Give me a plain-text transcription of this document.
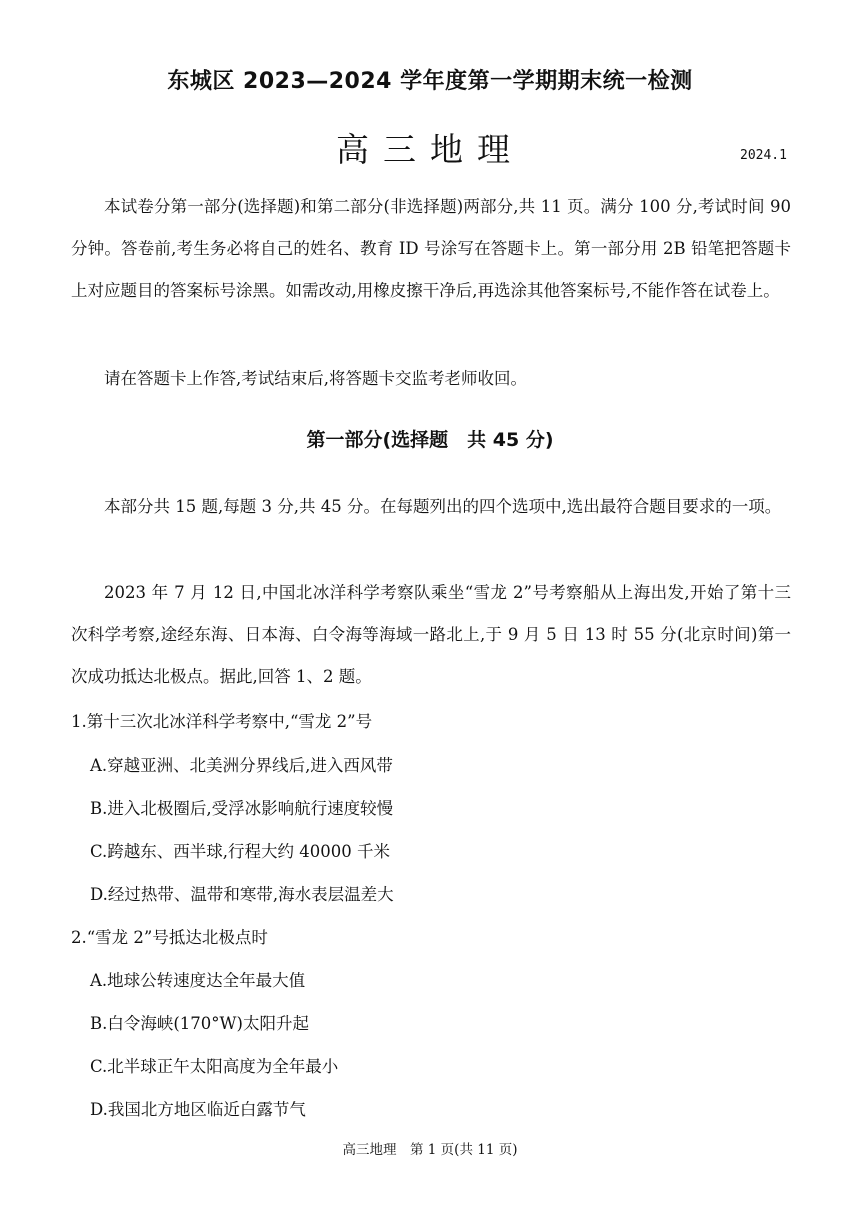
东城区 2023—2024 学年度第一学期期末统一检测
高三地理	2024.1

本试卷分第一部分(选择题)和第二部分(非选择题)两部分,共 11 页。满分 100 分,考试时间 90 分钟。答卷前,考生务必将自己的姓名、教育 ID 号涂写在答题卡上。第一部分用 2B 铅笔把答题卡上对应题目的答案标号涂黑。如需改动,用橡皮擦干净后,再选涂其他答案标号,不能作答在试卷上。

请在答题卡上作答,考试结束后,将答题卡交监考老师收回。

第一部分(选择题　共 45 分)

本部分共 15 题,每题 3 分,共 45 分。在每题列出的四个选项中,选出最符合题目要求的一项。

2023 年 7 月 12 日,中国北冰洋科学考察队乘坐“雪龙 2”号考察船从上海出发,开始了第十三次科学考察,途经东海、日本海、白令海等海域一路北上,于 9 月 5 日 13 时 55 分(北京时间)第一次成功抵达北极点。据此,回答 1、2 题。

1.第十三次北冰洋科学考察中,“雪龙 2”号
A.穿越亚洲、北美洲分界线后,进入西风带
B.进入北极圈后,受浮冰影响航行速度较慢
C.跨越东、西半球,行程大约 40000 千米
D.经过热带、温带和寒带,海水表层温差大
2.“雪龙 2”号抵达北极点时
A.地球公转速度达全年最大值
B.白令海峡(170°W)太阳升起
C.北半球正午太阳高度为全年最小
D.我国北方地区临近白露节气
高三地理　第 1 页(共 11 页)
